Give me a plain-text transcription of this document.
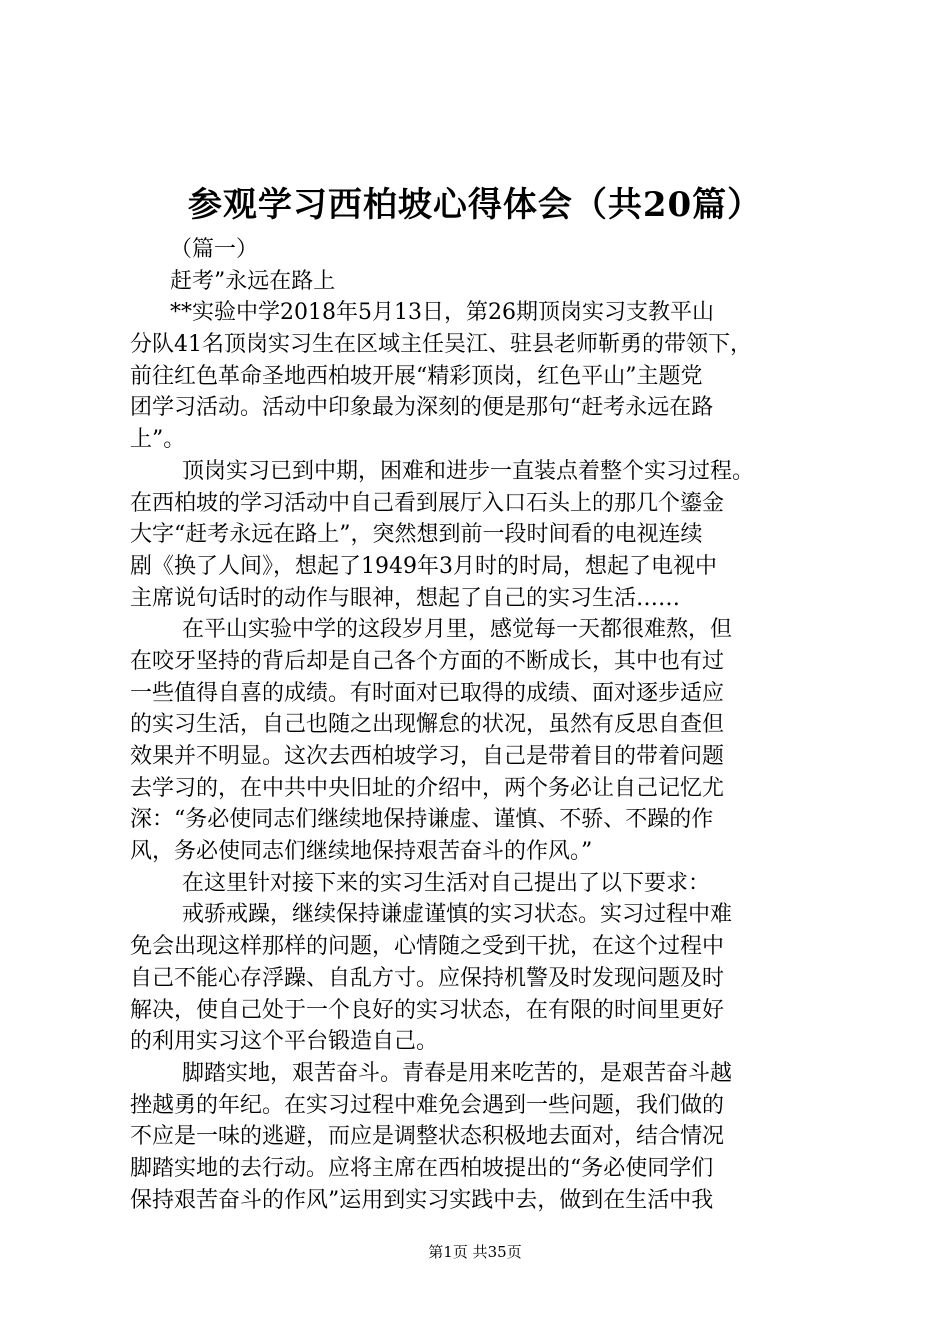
参观学习西柏坡心得体会（共20篇）
（篇一）
赶考”永远在路上
**实验中学2018年5月13日，第26期顶岗实习支教平山
分队41名顶岗实习生在区域主任吴江、驻县老师靳勇的带领下，
前往红色革命圣地西柏坡开展“精彩顶岗，红色平山”主题党
团学习活动。活动中印象最为深刻的便是那句“赶考永远在路
上”。
顶岗实习已到中期，困难和进步一直装点着整个实习过程。
在西柏坡的学习活动中自己看到展厅入口石头上的那几个鎏金
大字“赶考永远在路上”，突然想到前一段时间看的电视连续
剧《换了人间》，想起了1949年3月时的时局，想起了电视中
主席说句话时的动作与眼神，想起了自己的实习生活……
在平山实验中学的这段岁月里，感觉每一天都很难熬，但
在咬牙坚持的背后却是自己各个方面的不断成长，其中也有过
一些值得自喜的成绩。有时面对已取得的成绩、面对逐步适应
的实习生活，自己也随之出现懈怠的状况，虽然有反思自查但
效果并不明显。这次去西柏坡学习，自己是带着目的带着问题
去学习的，在中共中央旧址的介绍中，两个务必让自己记忆尤
深：“务必使同志们继续地保持谦虚、谨慎、不骄、不躁的作
风，务必使同志们继续地保持艰苦奋斗的作风。”
在这里针对接下来的实习生活对自己提出了以下要求：
戒骄戒躁，继续保持谦虚谨慎的实习状态。实习过程中难
免会出现这样那样的问题，心情随之受到干扰，在这个过程中
自己不能心存浮躁、自乱方寸。应保持机警及时发现问题及时
解决，使自己处于一个良好的实习状态，在有限的时间里更好
的利用实习这个平台锻造自己。
脚踏实地，艰苦奋斗。青春是用来吃苦的，是艰苦奋斗越
挫越勇的年纪。在实习过程中难免会遇到一些问题，我们做的
不应是一味的逃避，而应是调整状态积极地去面对，结合情况
脚踏实地的去行动。应将主席在西柏坡提出的“务必使同学们
保持艰苦奋斗的作风”运用到实习实践中去，做到在生活中我
第1页 共35页
